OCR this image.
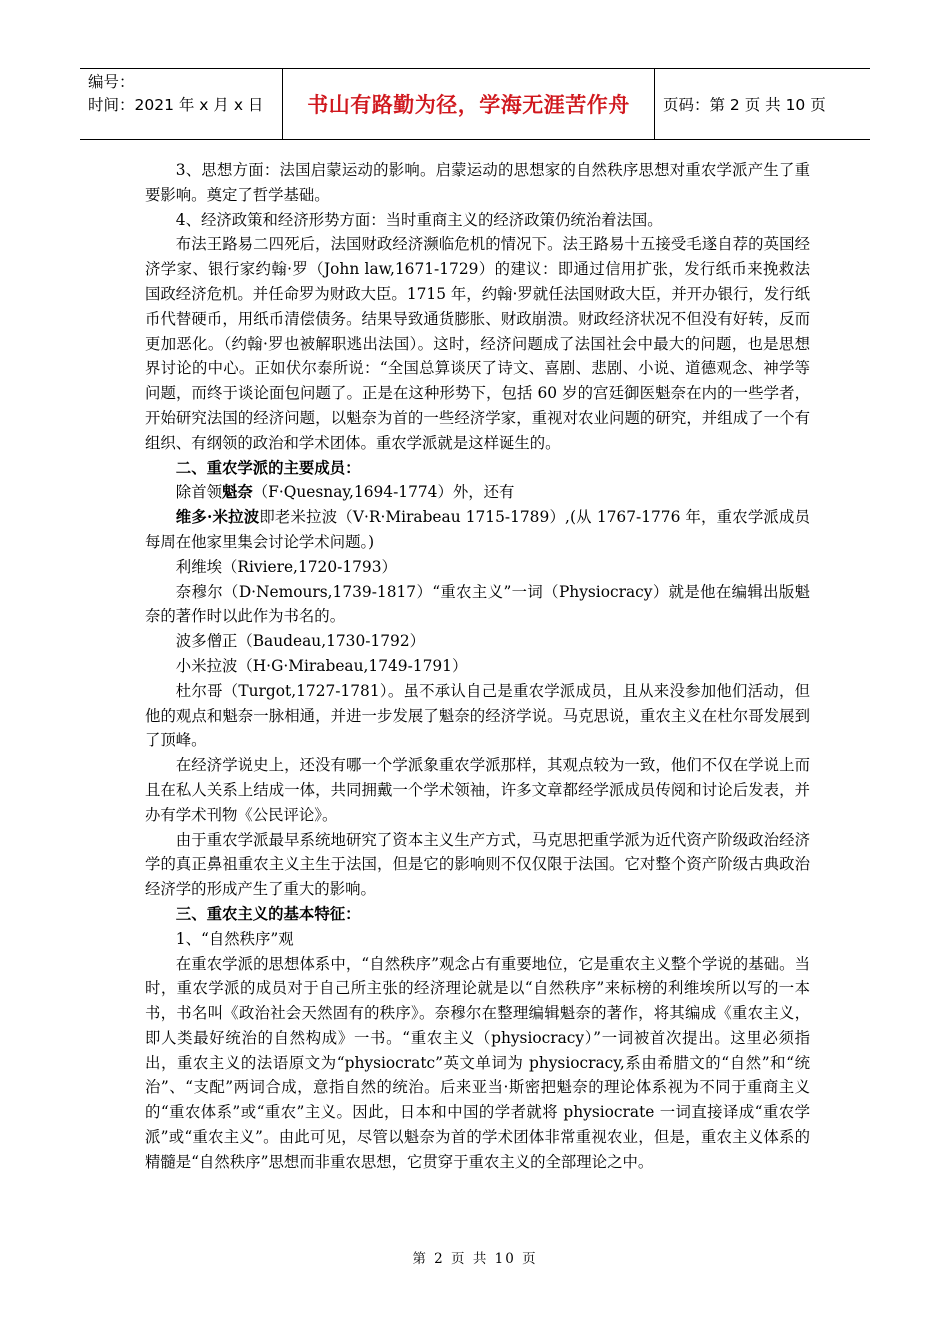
编号：
时间：2021 年 x 月 x 日	书山有路勤为径，学海无涯苦作舟	页码：第 2 页 共 10 页

3、思想方面：法国启蒙运动的影响。启蒙运动的思想家的自然秩序思想对重农学派产生了重要影响。奠定了哲学基础。

4、经济政策和经济形势方面：当时重商主义的经济政策仍统治着法国。

布法王路易二四死后，法国财政经济濒临危机的情况下。法王路易十五接受毛遂自荐的英国经济学家、银行家约翰·罗（John law,1671-1729）的建议：即通过信用扩张，发行纸币来挽救法国政经济危机。并任命罗为财政大臣。1715 年，约翰·罗就任法国财政大臣，并开办银行，发行纸币代替硬币，用纸币清偿债务。结果导致通货膨胀、财政崩溃。财政经济状况不但没有好转，反而更加恶化。（约翰·罗也被解职逃出法国）。这时，经济问题成了法国社会中最大的问题，也是思想界讨论的中心。正如伏尔泰所说：“全国总算谈厌了诗文、喜剧、悲剧、小说、道德观念、神学等问题，而终于谈论面包问题了。正是在这种形势下，包括 60 岁的宫廷御医魁奈在内的一些学者，开始研究法国的经济问题，以魁奈为首的一些经济学家，重视对农业问题的研究，并组成了一个有组织、有纲领的政治和学术团体。重农学派就是这样诞生的。

二、重农学派的主要成员：

除首领魁奈（F·Quesnay,1694-1774）外，还有

维多·米拉波即老米拉波（V·R·Mirabeau 1715-1789）,(从 1767-1776 年，重农学派成员每周在他家里集会讨论学术问题。)

利维埃（Riviere,1720-1793）

奈穆尔（D·Nemours,1739-1817）“重农主义”一词（Physiocracy）就是他在编辑出版魁奈的著作时以此作为书名的。

波多僧正（Baudeau,1730-1792）

小米拉波（H·G·Mirabeau,1749-1791）

杜尔哥（Turgot,1727-1781）。虽不承认自己是重农学派成员，且从来没参加他们活动，但他的观点和魁奈一脉相通，并进一步发展了魁奈的经济学说。马克思说，重农主义在杜尔哥发展到了顶峰。

在经济学说史上，还没有哪一个学派象重农学派那样，其观点较为一致，他们不仅在学说上而且在私人关系上结成一体，共同拥戴一个学术领袖，许多文章都经学派成员传阅和讨论后发表，并办有学术刊物《公民评论》。

由于重农学派最早系统地研究了资本主义生产方式，马克思把重学派为近代资产阶级政治经济学的真正鼻祖重农主义主生于法国，但是它的影响则不仅仅限于法国。它对整个资产阶级古典政治经济学的形成产生了重大的影响。

三、重农主义的基本特征：

1、“自然秩序”观

在重农学派的思想体系中，“自然秩序”观念占有重要地位，它是重农主义整个学说的基础。当时，重农学派的成员对于自己所主张的经济理论就是以“自然秩序”来标榜的利维埃所以写的一本书，书名叫《政治社会天然固有的秩序》。奈穆尔在整理编辑魁奈的著作，将其编成《重农主义，即人类最好统治的自然构成》一书。“重农主义（physiocracy）”一词被首次提出。这里必须指出，重农主义的法语原文为“physiocratc”英文单词为 physiocracy,系由希腊文的“自然”和“统治”、“支配”两词合成，意指自然的统治。后来亚当·斯密把魁奈的理论体系视为不同于重商主义的“重农体系”或“重农”主义。因此，日本和中国的学者就将 physiocrate 一词直接译成“重农学派”或“重农主义”。由此可见，尽管以魁奈为首的学术团体非常重视农业，但是，重农主义体系的精髓是“自然秩序”思想而非重农思想，它贯穿于重农主义的全部理论之中。

第 2 页 共 10 页
